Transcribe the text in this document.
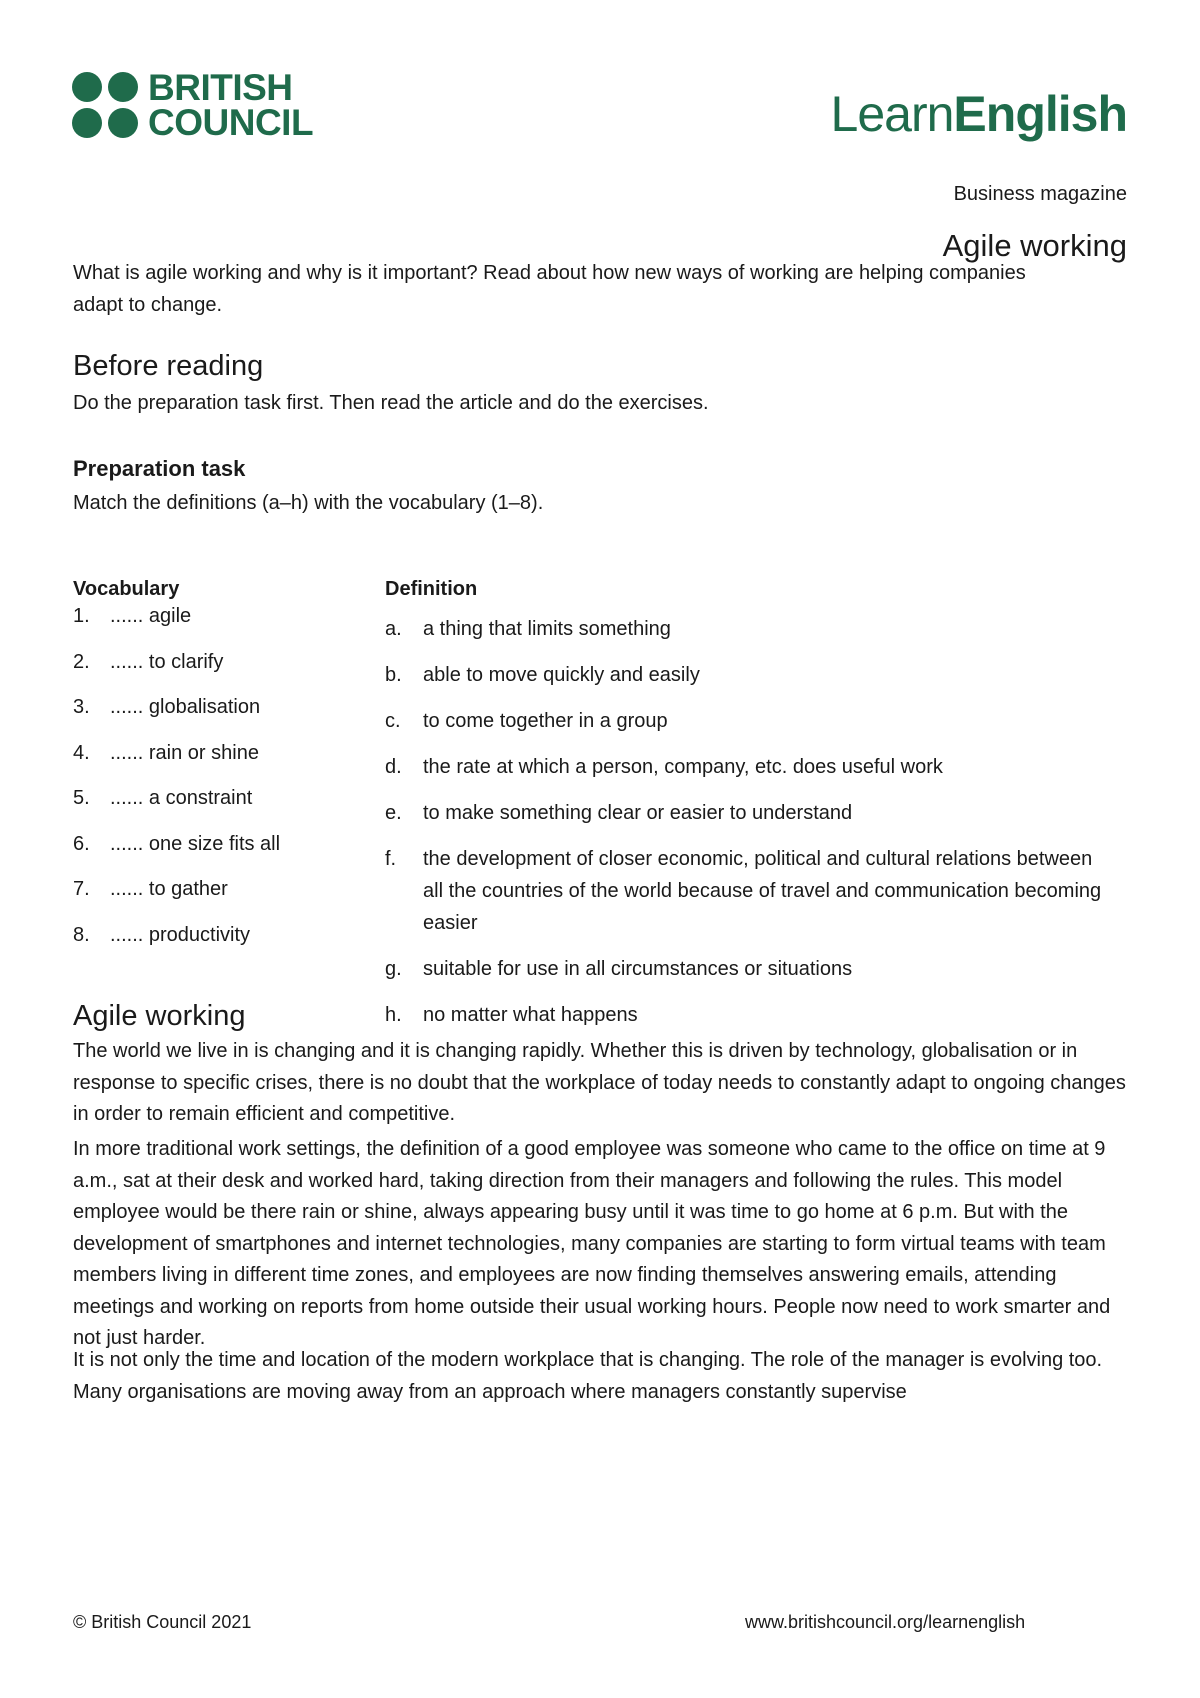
BRITISH
COUNCIL	LearnEnglish
Business magazine
Agile working

What is agile working and why is it important? Read about how new ways of working are helping companies adapt to change.

Before reading

Do the preparation task first. Then read the article and do the exercises.

Preparation task

Match the definitions (a–h) with the vocabulary (1–8).

Vocabulary
1.	...... agile
2.	...... to clarify
3.	...... globalisation
4.	...... rain or shine
5.	...... a constraint
6.	...... one size fits all
7.	...... to gather
8.	...... productivity
Definition
a.	a thing that limits something
b.	able to move quickly and easily
c.	to come together in a group
d.	the rate at which a person, company, etc. does useful work
e.	to make something clear or easier to understand
f.	the development of closer economic, political and cultural relations between all the countries of the world because of travel and communication becoming easier
g.	suitable for use in all circumstances or situations
h.	no matter what happens
Agile working

The world we live in is changing and it is changing rapidly. Whether this is driven by technology, globalisation or in response to specific crises, there is no doubt that the workplace of today needs to constantly adapt to ongoing changes in order to remain efficient and competitive.

In more traditional work settings, the definition of a good employee was someone who came to the office on time at 9 a.m., sat at their desk and worked hard, taking direction from their managers and following the rules. This model employee would be there rain or shine, always appearing busy until it was time to go home at 6 p.m. But with the development of smartphones and internet technologies, many companies are starting to form virtual teams with team members living in different time zones, and employees are now finding themselves answering emails, attending meetings and working on reports from home outside their usual working hours. People now need to work smarter and not just harder.

It is not only the time and location of the modern workplace that is changing. The role of the manager is evolving too. Many organisations are moving away from an approach where managers constantly supervise

© British Council 2021	www.britishcouncil.org/learnenglish
